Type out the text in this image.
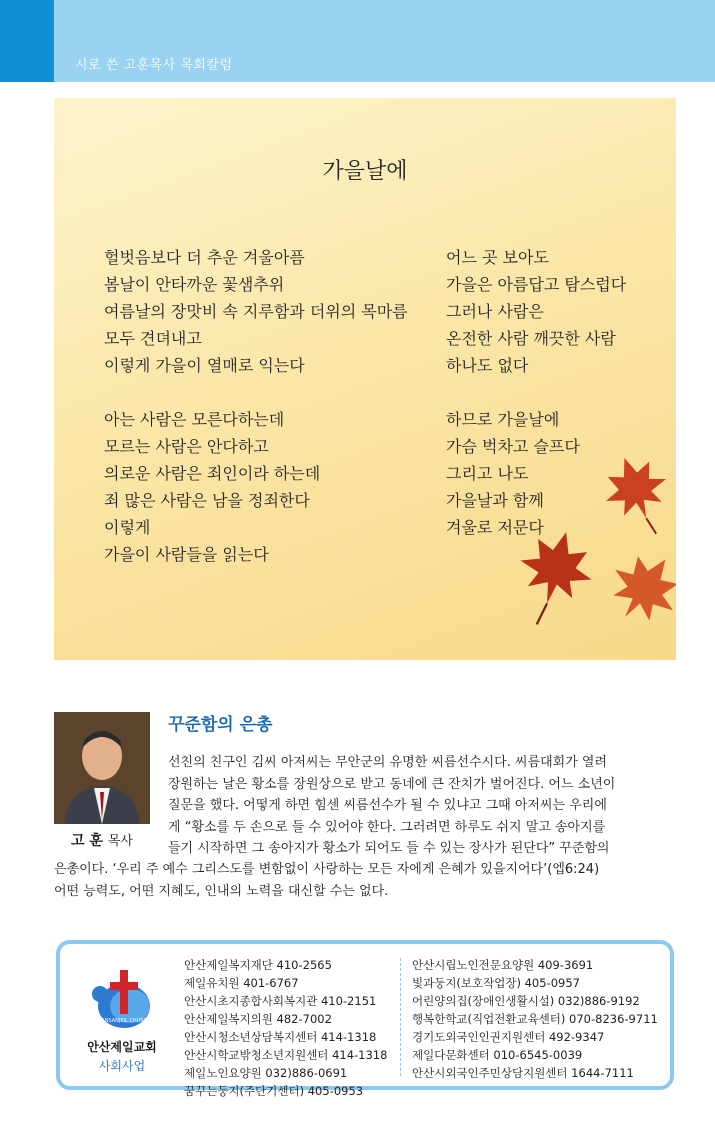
시로 쓴 고훈목사 목회칼럼
가을날에
헐벗음보다 더 추운 겨울아픔
봄날이 안타까운 꽃샘추위
여름날의 장맛비 속 지루함과 더위의 목마름
모두 견뎌내고
이렇게 가을이 열매로 익는다
아는 사람은 모른다하는데
모르는 사람은 안다하고
의로운 사람은 죄인이라 하는데
죄 많은 사람은 남을 정죄한다
이렇게
가을이 사람들을 읽는다
어느 곳 보아도
가을은 아름답고 탐스럽다
그러나 사람은
온전한 사람 깨끗한 사람
하나도 없다
하므로 가을날에
가슴 벅차고 슬프다
그리고 나도
가을날과 함께
겨울로 저문다
고 훈 목사
꾸준함의 은총
선친의 친구인 김씨 아저씨는 무안군의 유명한 씨름선수시다. 씨름대회가 열려
장원하는 날은 황소를 장원상으로 받고 동네에 큰 잔치가 벌어진다. 어느 소년이
질문을 했다. 어떻게 하면 힘센 씨름선수가 될 수 있냐고 그때 아저씨는 우리에
게 “황소를 두 손으로 들 수 있어야 한다. 그러려면 하루도 쉬지 말고 송아지를
들기 시작하면 그 송아지가 황소가 되어도 들 수 있는 장사가 된단다” 꾸준함의
은총이다. ‘우리 주 예수 그리스도를 변함없이 사랑하는 모든 자에게 은혜가 있을지어다’(엡6:24)
어떤 능력도, 어떤 지혜도, 인내의 노력을 대신할 수는 없다.
ANSANJEIL CHURCH
안산제일교회
사회사업
안산제일복지재단 410-2565
제일유치원 401-6767
안산시초지종합사회복지관 410-2151
안산제일복지의원 482-7002
안산시청소년상담복지센터 414-1318
안산시학교밖청소년지원센터 414-1318
제일노인요양원 032)886-0691
꿈꾸는둥지(주단기센터) 405-0953
안산시립노인전문요양원 409-3691
빛과둥지(보호작업장) 405-0957
어린양의집(장애인생활시설) 032)886-9192
행복한학교(직업전환교육센터) 070-8236-9711
경기도외국인인권지원센터 492-9347
제일다문화센터 010-6545-0039
안산시외국인주민상담지원센터 1644-7111
